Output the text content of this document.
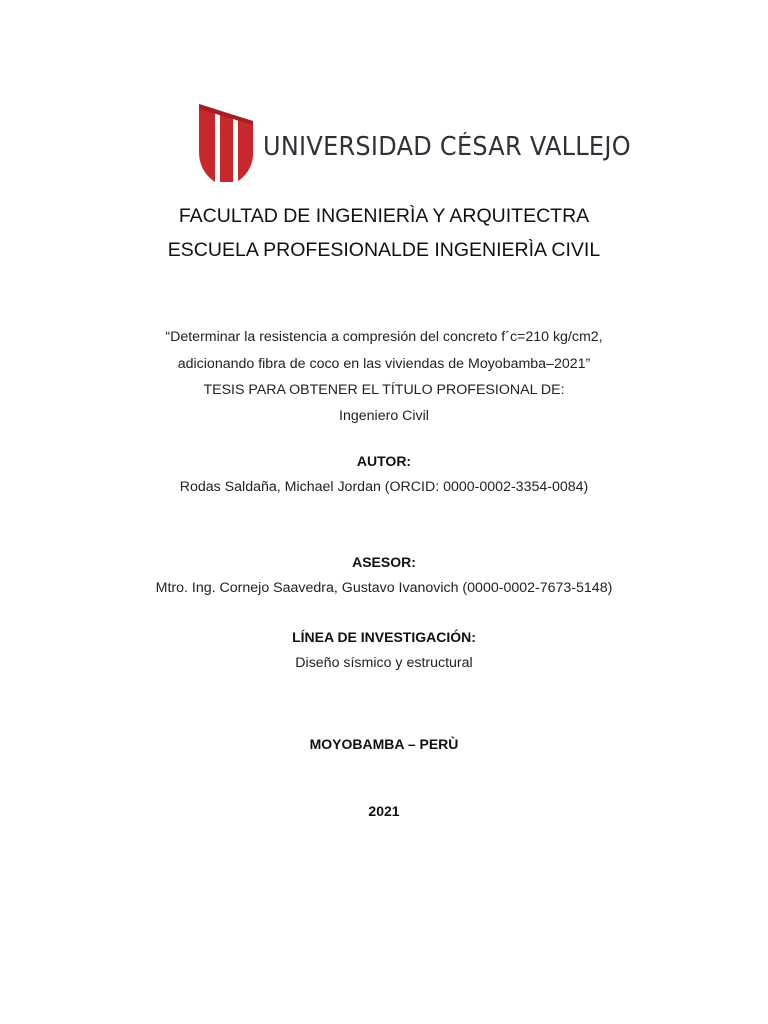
UNIVERSIDAD CÉSAR VALLEJO
FACULTAD DE INGENIERÌA Y ARQUITECTRA
ESCUELA PROFESIONALDE INGENIERÌA CIVIL
“Determinar la resistencia a compresión del concreto f´c=210 kg/cm2,
adicionando fibra de coco en las viviendas de Moyobamba–2021”
TESIS PARA OBTENER EL TÍTULO PROFESIONAL DE:
Ingeniero Civil
AUTOR:
Rodas Saldaña, Michael Jordan (ORCID: 0000-0002-3354-0084)
ASESOR:
Mtro. Ing. Cornejo Saavedra, Gustavo Ivanovich (0000-0002-7673-5148)
LÍNEA DE INVESTIGACIÓN:
Diseño sísmico y estructural
MOYOBAMBA – PERÙ
2021
